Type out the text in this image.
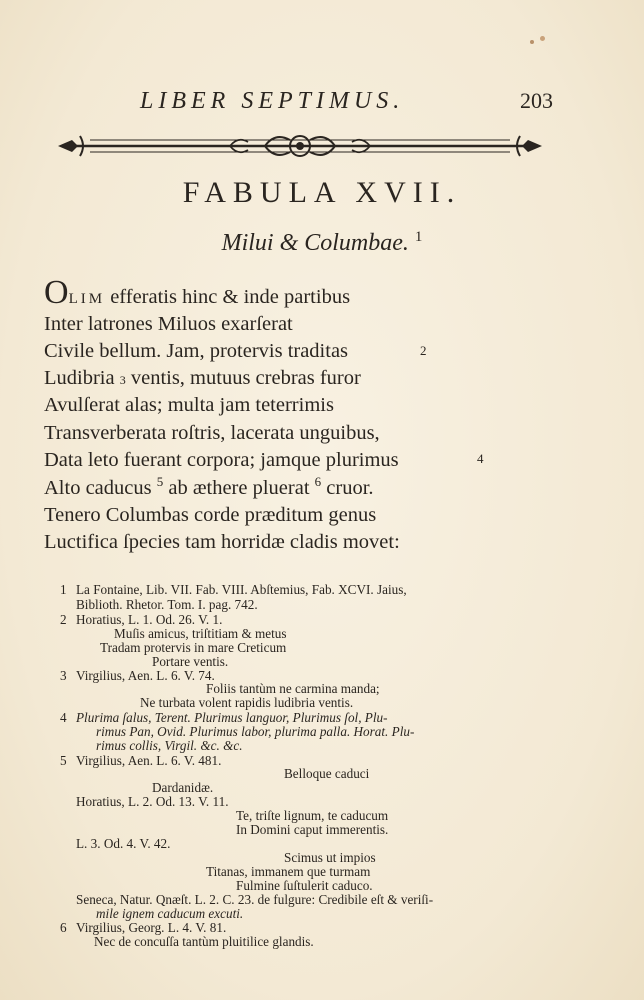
LIBER SEPTIMUS.	203
FABULA XVII.
Milui & Columbae. $^1$
OLIM efferatis hinc & inde partibus
Inter latrones Miluos exarſerat
Civile bellum. Jam, protervis traditas	2
Ludibria 3 ventis, mutuus crebras furor
Avulſerat alas; multa jam teterrimis
Transverberata roſtris, lacerata unguibus,
Data leto fuerant corpora; jamque plurimus	4
Alto caducus $^5$ ab æthere pluerat $^6$ cruor.
Tenero Columbas corde præditum genus
Luctifica ſpecies tam horridæ cladis movet:
1 La Fontaine, Lib. VII. Fab. VIII. Abſtemius, Fab. XCVI. Jaius,
Biblioth. Rhetor. Tom. I. pag. 742.
2 Horatius, L. 1. Od. 26. V. 1.
Muſis amicus, triſtitiam & metus
Tradam protervis in mare Creticum
Portare ventis.
3 Virgilius, Aen. L. 6. V. 74.
Foliis tantùm ne carmina manda;
Ne turbata volent rapidis ludibria ventis.
4 Plurima ſalus, Terent. Plurimus languor, Plurimus ſol, Plu-
rimus Pan, Ovid. Plurimus labor, plurima palla. Horat. Plu-
rimus collis, Virgil. &c. &c.
5 Virgilius, Aen. L. 6. V. 481.
Belloque caduci
Dardanidæ.
Horatius, L. 2. Od. 13. V. 11.
Te, triſte lignum, te caducum
In Domini caput immerentis.
L. 3. Od. 4. V. 42.
Scimus ut impios
Titanas, immanem que turmam
Fulmine ſuſtulerit caduco.
Seneca, Natur. Qnæſt. L. 2. C. 23. de fulgure: Credibile eſt & veriſi-
mile ignem caducum excuti.
6 Virgilius, Georg. L. 4. V. 81.
Nec de concuſſa tantùm pluitilice glandis.
